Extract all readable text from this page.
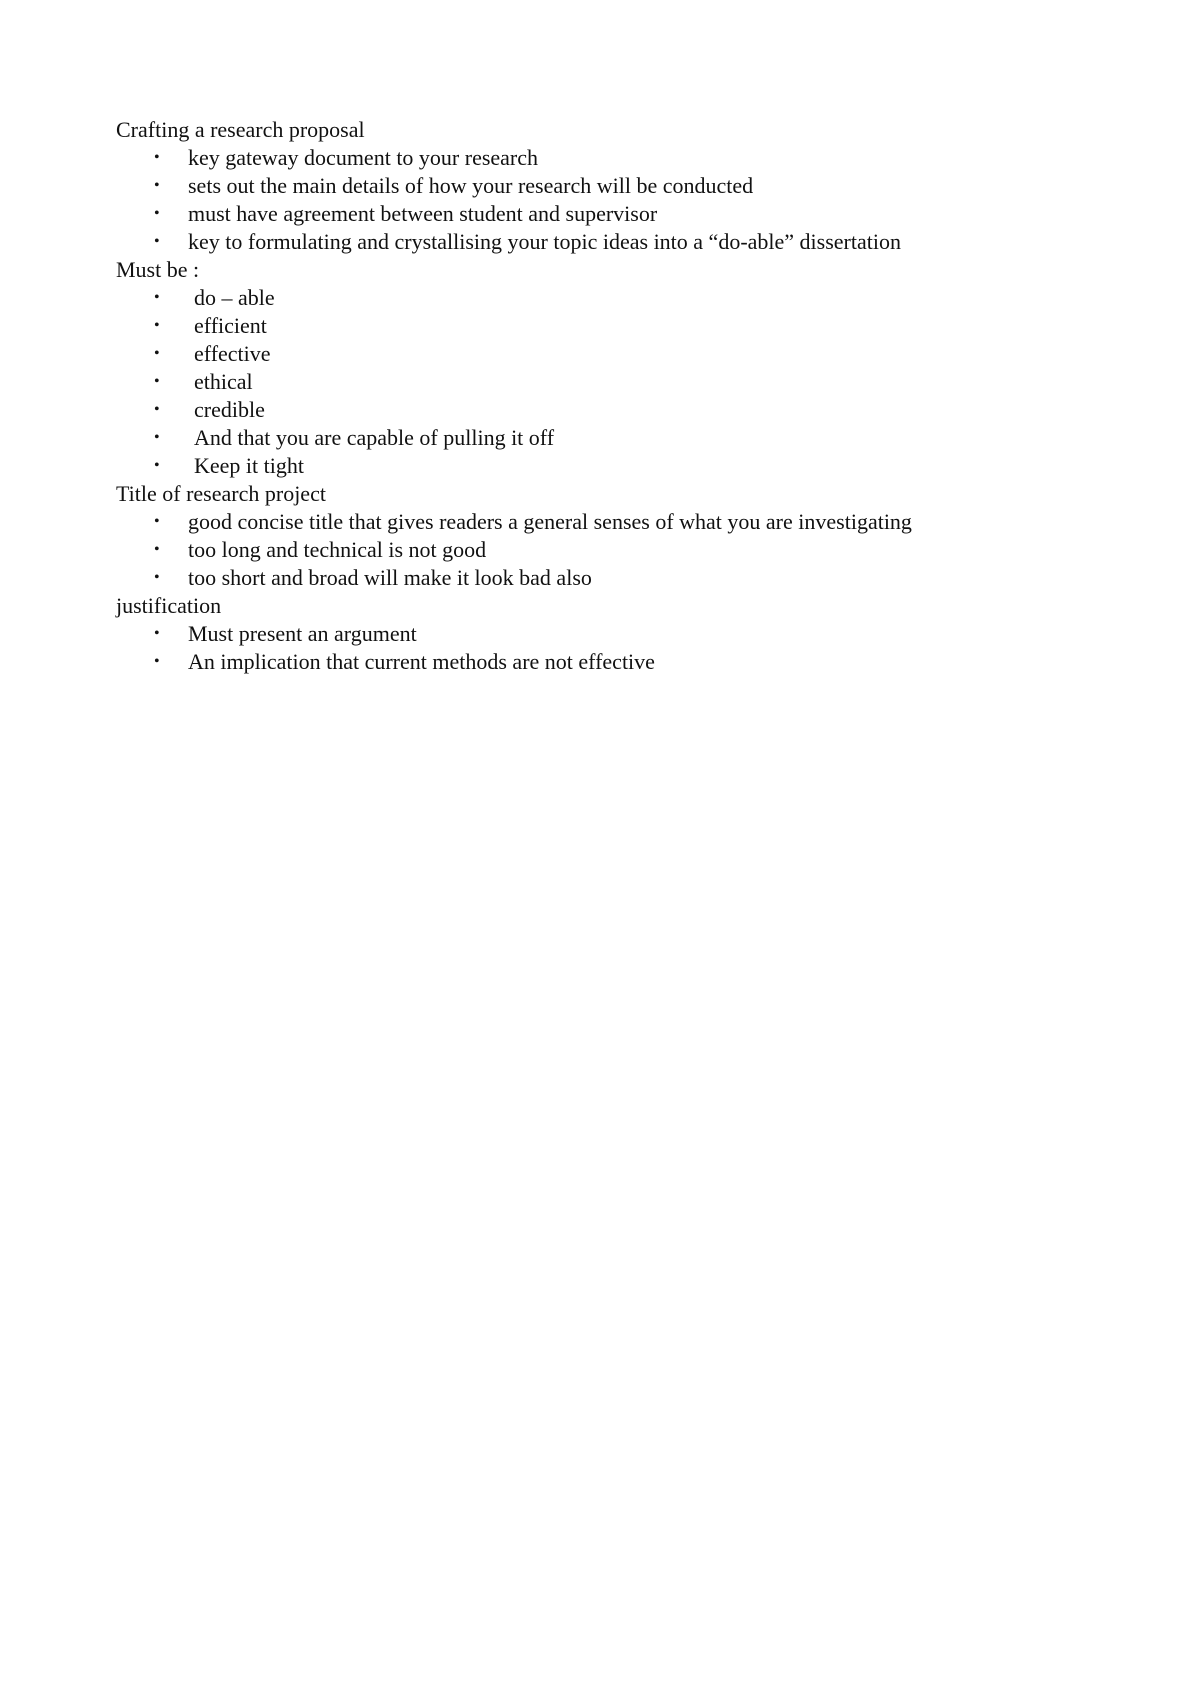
Crafting a research proposal

• key gateway document to your research
• sets out the main details of how your research will be conducted
• must have agreement between student and supervisor
• key to formulating and crystallising your topic ideas into a “do-able” dissertation

Must be :

• do – able
• efficient
• effective
• ethical
• credible
• And that you are capable of pulling it off
• Keep it tight

Title of research project

• good concise title that gives readers a general senses of what you are investigating
• too long and technical is not good
• too short and broad will make it look bad also

justification

• Must present an argument
• An implication that current methods are not effective
